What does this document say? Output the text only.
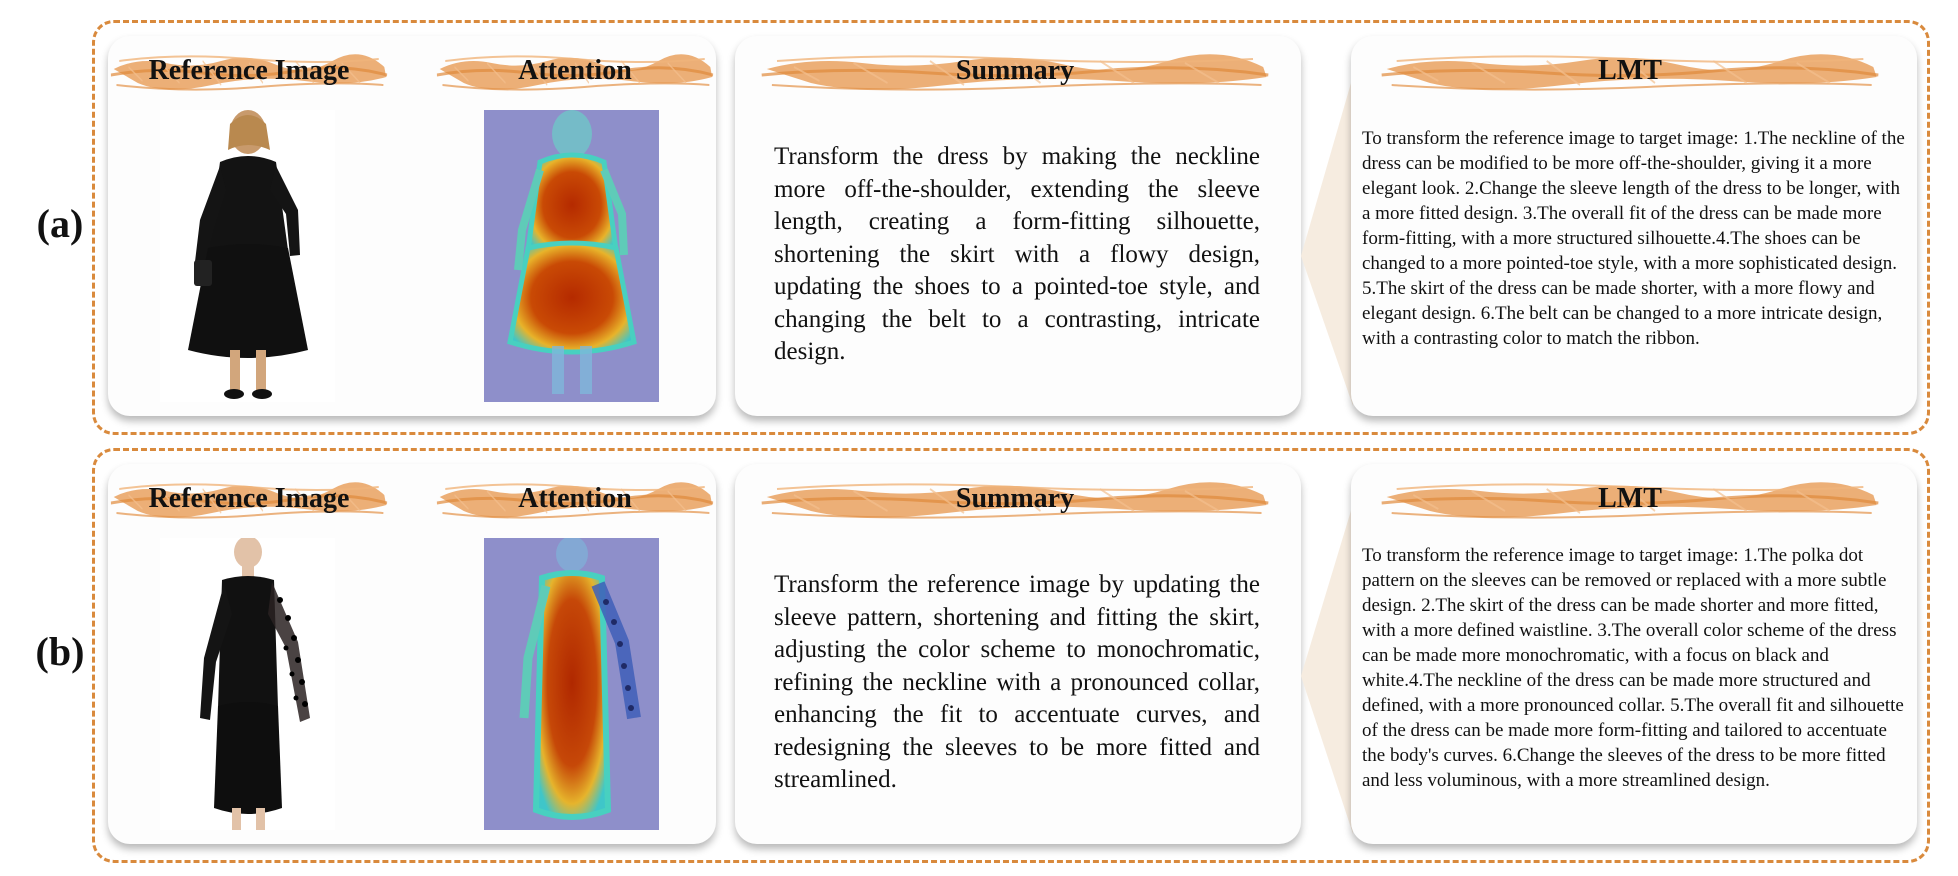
(a)
Reference Image	Attention	Summary
Transform the dress by making the neckline more off-the-shoulder, extending the sleeve length, creating a form-fitting silhouette, shortening the skirt with a flowy design, updating the shoes to a pointed-toe style, and changing the belt to a contrasting, intricate design.
LMT
To transform the reference image to target image: 1.The neckline of the dress can be modified to be more off-the-shoulder, giving it a more elegant look. 2.Change the sleeve length of the dress to be longer, with a more fitted design. 3.The overall fit of the dress can be made more form-fitting, with a more structured silhouette.4.The shoes can be changed to a more pointed-toe style, with a more sophisticated design. 5.The skirt of the dress can be made shorter, with a more flowy and elegant design. 6.The belt can be changed to a more intricate design, with a contrasting color to match the ribbon.
(b)
Reference Image	Attention	Summary
Transform the reference image by updating the sleeve pattern, shortening and fitting the skirt, adjusting the color scheme to monochromatic, refining the neckline with a pronounced collar, enhancing the fit to accentuate curves, and redesigning the sleeves to be more fitted and streamlined.
LMT
To transform the reference image to target image: 1.The polka dot pattern on the sleeves can be removed or replaced with a more subtle design. 2.The skirt of the dress can be made shorter and more fitted, with a more defined waistline. 3.The overall color scheme of the dress can be made more monochromatic, with a focus on black and white.4.The neckline of the dress can be made more structured and defined, with a more pronounced collar. 5.The overall fit and silhouette of the dress can be made more form-fitting and tailored to accentuate the body's curves. 6.Change the sleeves of the dress to be more fitted and less voluminous, with a more streamlined design.
